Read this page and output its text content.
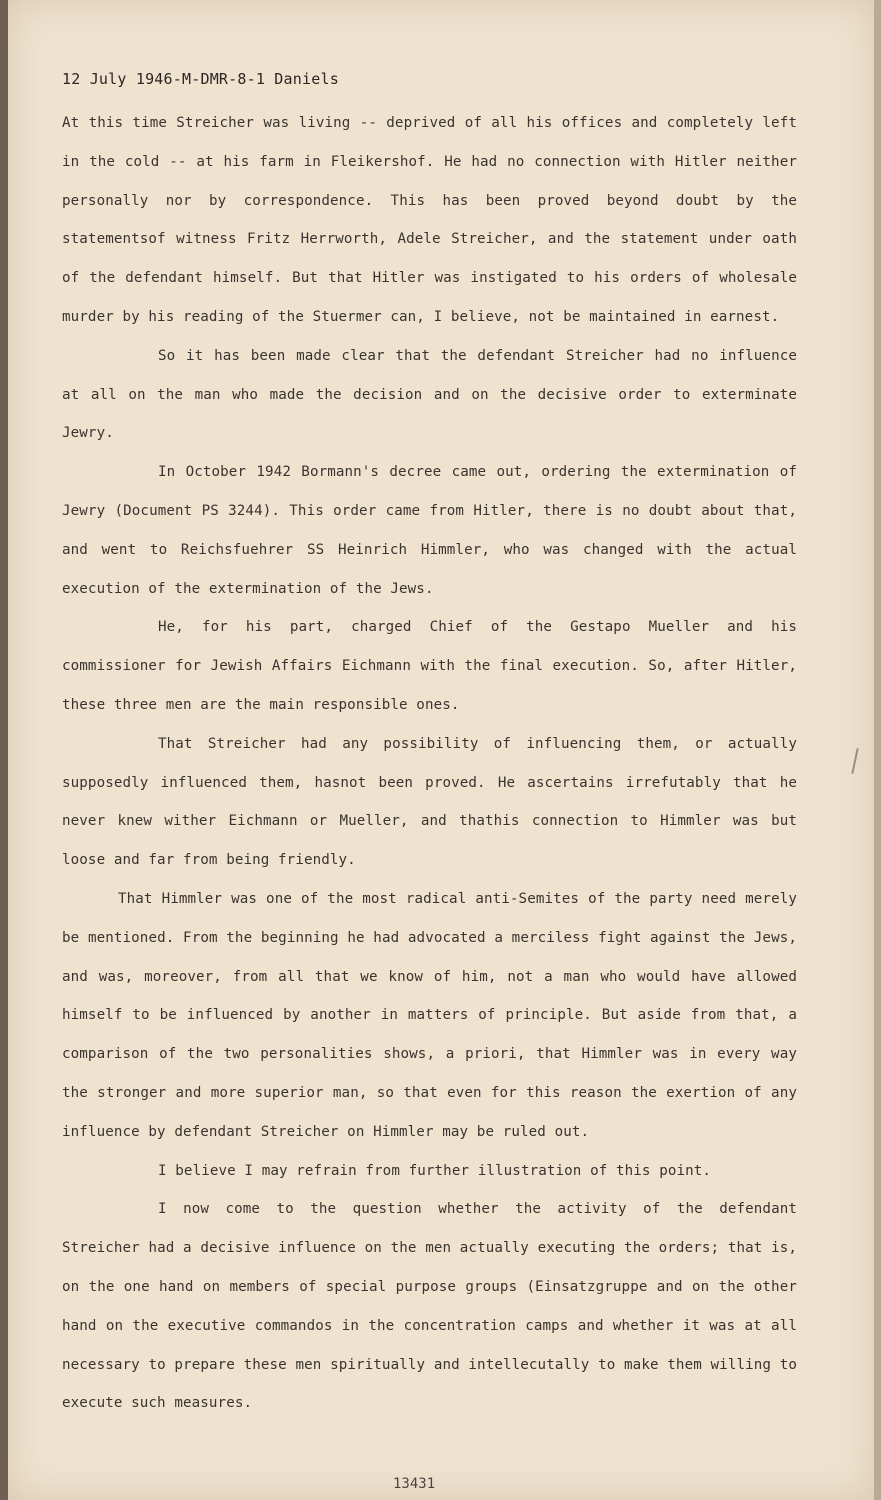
12 July 1946-M-DMR-8-1 Daniels

At this time Streicher was living -- deprived of all his offices and completely left in the cold -- at his farm in Fleikershof. He had no connection with Hitler neither personally nor by correspondence. This has been proved beyond doubt by the statementsof witness Fritz Herrworth, Adele Streicher, and the statement under oath of the defendant himself. But that Hitler was instigated to his orders of wholesale murder by his reading of the Stuermer can, I believe, not be maintained in earnest.

So it has been made clear that the defendant Streicher had no influence at all on the man who made the decision and on the decisive order to exterminate Jewry.

In October 1942 Bormann's decree came out, ordering the extermination of Jewry (Document PS 3244). This order came from Hitler, there is no doubt about that, and went to Reichsfuehrer SS Heinrich Himmler, who was changed with the actual execution of the extermination of the Jews.

He, for his part, charged Chief of the Gestapo Mueller and his commissioner for Jewish Affairs Eichmann with the final execution. So, after Hitler, these three men are the main responsible ones.

That Streicher had any possibility of influencing them, or actually supposedly influenced them, hasnot been proved. He ascertains irrefutably that he never knew wither Eichmann or Mueller, and thathis connection to Himmler was but loose and far from being friendly.

That Himmler was one of the most radical anti-Semites of the party need merely be mentioned. From the beginning he had advocated a merciless fight against the Jews, and was, moreover, from all that we know of him, not a man who would have allowed himself to be influenced by another in matters of principle. But aside from that, a comparison of the two personalities shows, a priori, that Himmler was in every way the stronger and more superior man, so that even for this reason the exertion of any influence by defendant Streicher on Himmler may be ruled out.

I believe I may refrain from further illustration of this point.

I now come to the question whether the activity of the defendant Streicher had a decisive influence on the men actually executing the orders; that is, on the one hand on members of special purpose groups (Einsatzgruppe and on the other hand on the executive commandos in the concentration camps and whether it was at all necessary to prepare these men spiritually and intellecutally to make them willing to execute such measures.

13431
